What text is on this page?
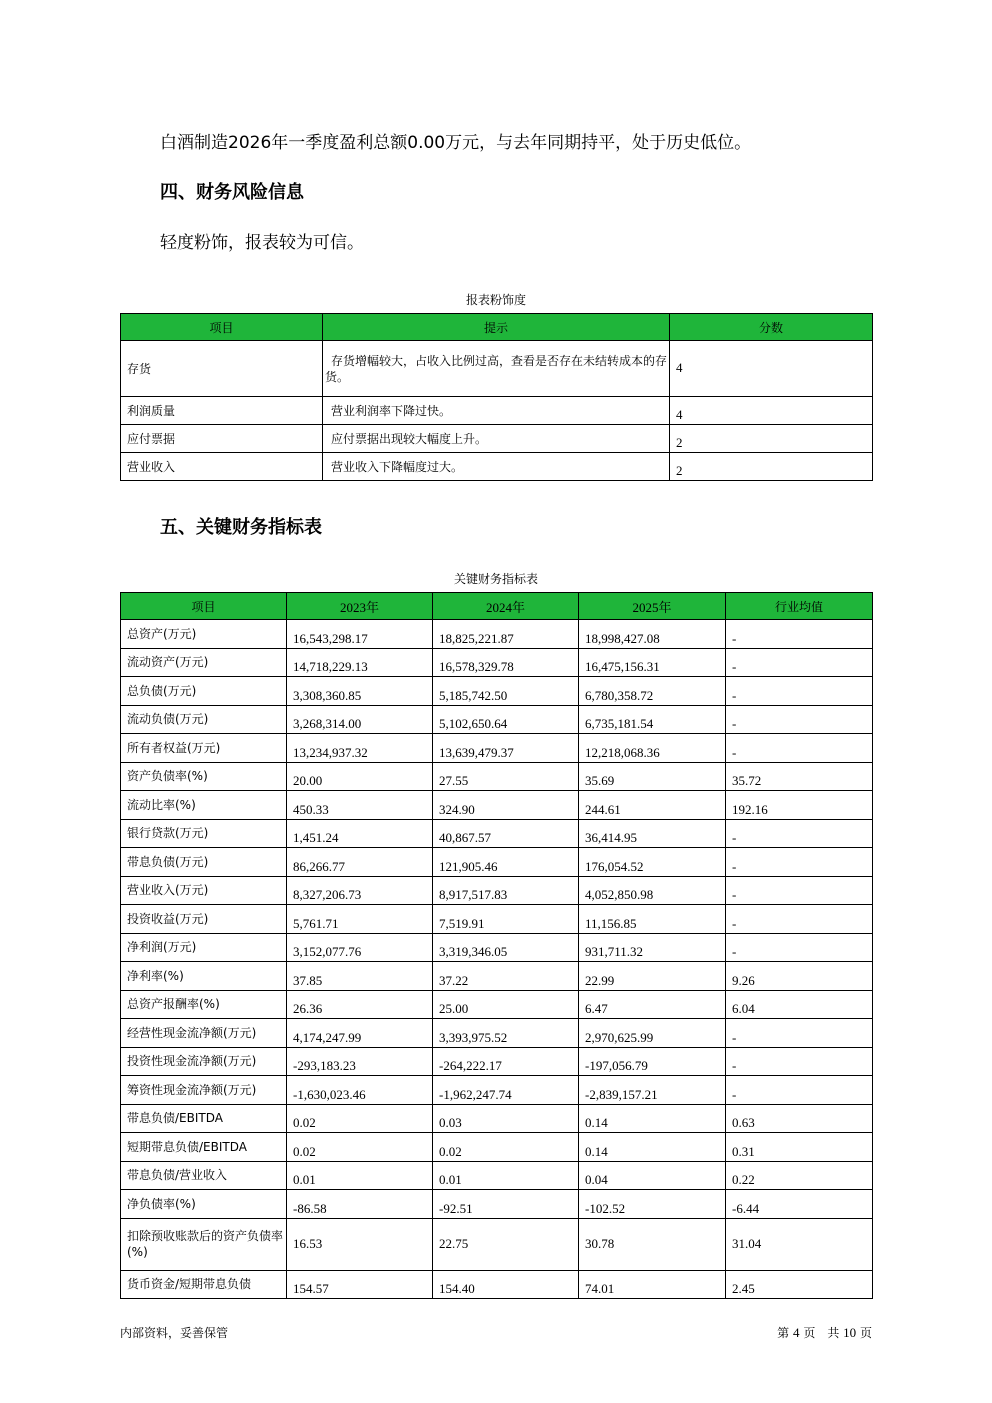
白酒制造2026年一季度盈利总额0.00万元，与去年同期持平，处于历史低位。
四、财务风险信息
轻度粉饰，报表较为可信。
报表粉饰度
项目	提示	分数
存货	存货增幅较大，占收入比例过高，查看是否存在未结转成本的存货。	4
利润质量	营业利润率下降过快。	4
应付票据	应付票据出现较大幅度上升。	2
营业收入	营业收入下降幅度过大。	2
五、关键财务指标表
关键财务指标表
项目	2023年	2024年	2025年	行业均值
总资产(万元)	16,543,298.17	18,825,221.87	18,998,427.08	-
流动资产(万元)	14,718,229.13	16,578,329.78	16,475,156.31	-
总负债(万元)	3,308,360.85	5,185,742.50	6,780,358.72	-
流动负债(万元)	3,268,314.00	5,102,650.64	6,735,181.54	-
所有者权益(万元)	13,234,937.32	13,639,479.37	12,218,068.36	-
资产负债率(%)	20.00	27.55	35.69	35.72
流动比率(%)	450.33	324.90	244.61	192.16
银行贷款(万元)	1,451.24	40,867.57	36,414.95	-
带息负债(万元)	86,266.77	121,905.46	176,054.52	-
营业收入(万元)	8,327,206.73	8,917,517.83	4,052,850.98	-
投资收益(万元)	5,761.71	7,519.91	11,156.85	-
净利润(万元)	3,152,077.76	3,319,346.05	931,711.32	-
净利率(%)	37.85	37.22	22.99	9.26
总资产报酬率(%)	26.36	25.00	6.47	6.04
经营性现金流净额(万元)	4,174,247.99	3,393,975.52	2,970,625.99	-
投资性现金流净额(万元)	-293,183.23	-264,222.17	-197,056.79	-
筹资性现金流净额(万元)	-1,630,023.46	-1,962,247.74	-2,839,157.21	-
带息负债/EBITDA	0.02	0.03	0.14	0.63
短期带息负债/EBITDA	0.02	0.02	0.14	0.31
带息负债/营业收入	0.01	0.01	0.04	0.22
净负债率(%)	-86.58	-92.51	-102.52	-6.44
扣除预收账款后的资产负债率(%)	16.53	22.75	30.78	31.04
货币资金/短期带息负债	154.57	154.40	74.01	2.45
内部资料，妥善保管	第 4 页　共 10 页
